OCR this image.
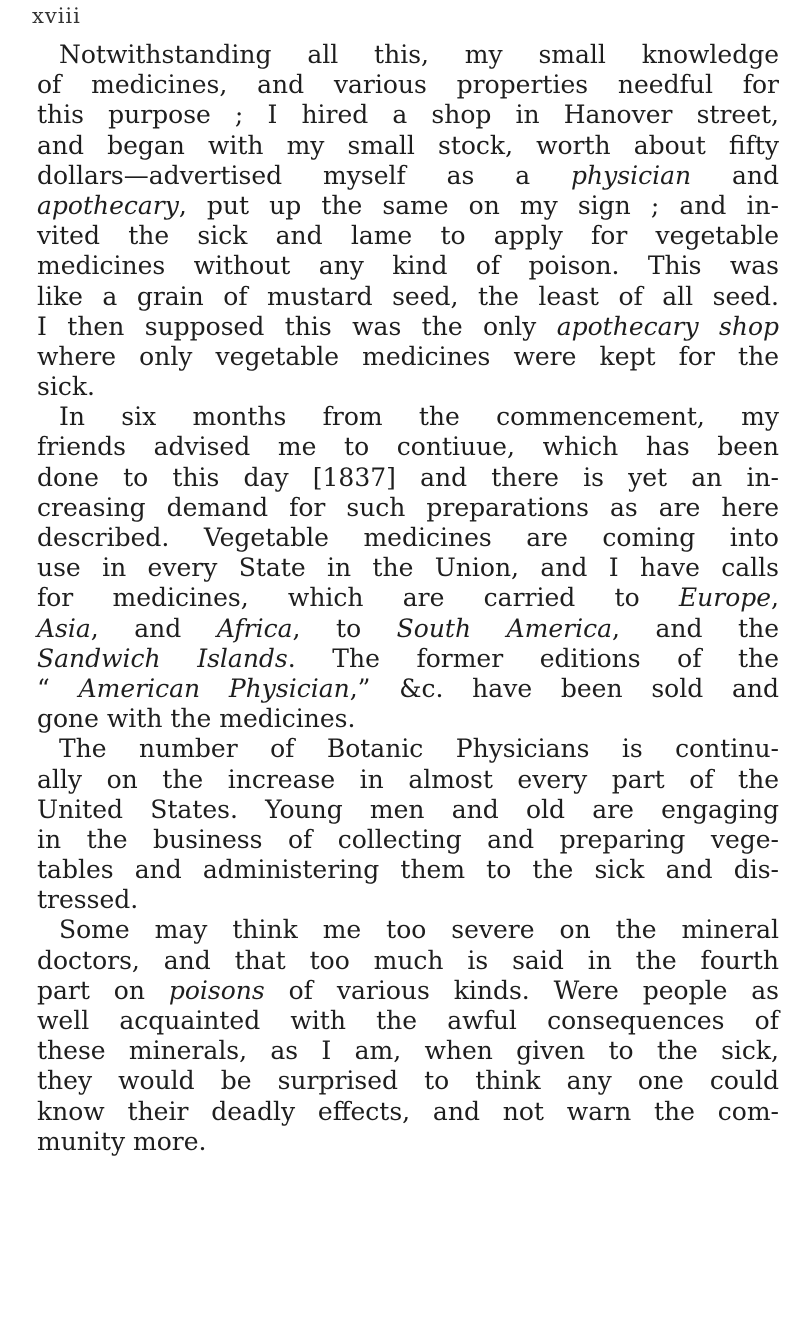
xviii
Notwithstanding all this, my small knowledge
of medicines, and various properties needful for
this purpose ; I hired a shop in Hanover street,
and began with my small stock, worth about fifty
dollars—advertised myself as a physician and
apothecary, put up the same on my sign ; and in-
vited the sick and lame to apply for vegetable
medicines without any kind of poison. This was
like a grain of mustard seed, the least of all seed.
I then supposed this was the only apothecary shop
where only vegetable medicines were kept for the
sick.
In six months from the commencement, my
friends advised me to contiuue, which has been
done to this day [1837] and there is yet an in-
creasing demand for such preparations as are here
described. Vegetable medicines are coming into
use in every State in the Union, and I have calls
for medicines, which are carried to Europe,
Asia, and Africa, to South America, and the
Sandwich Islands. The former editions of the
“ American Physician,” &c. have been sold and
gone with the medicines.
The number of Botanic Physicians is continu-
ally on the increase in almost every part of the
United States. Young men and old are engaging
in the business of collecting and preparing vege-
tables and administering them to the sick and dis-
tressed.
Some may think me too severe on the mineral
doctors, and that too much is said in the fourth
part on poisons of various kinds. Were people as
well acquainted with the awful consequences of
these minerals, as I am, when given to the sick,
they would be surprised to think any one could
know their deadly effects, and not warn the com-
munity more.
